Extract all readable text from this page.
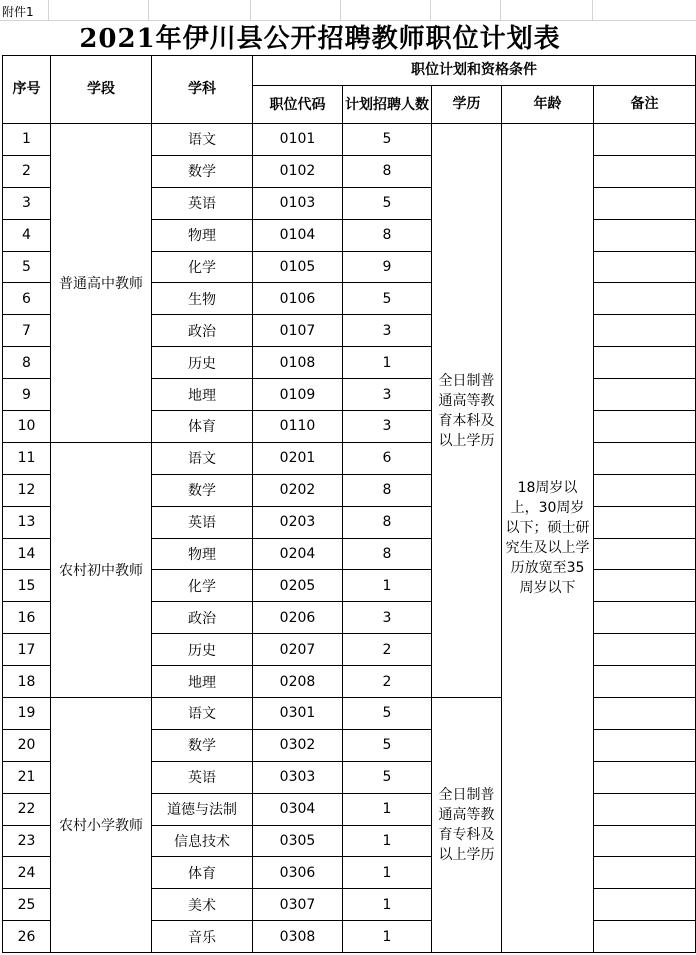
附件1
2021年伊川县公开招聘教师职位计划表
序号	学段	学科	职位计划和资格条件				
			职位代码	计划招聘人数	学历	年龄	备注
1	普通高中教师	语文	0101	5	全日制普通高等教育本科及以上学历	18周岁以上，30周岁以下；硕士研究生及以上学历放宽至35周岁以下	
2		数学	0102	8			
3		英语	0103	5			
4		物理	0104	8			
5		化学	0105	9			
6		生物	0106	5			
7		政治	0107	3			
8		历史	0108	1			
9		地理	0109	3			
10		体育	0110	3			
11	农村初中教师	语文	0201	6			
12		数学	0202	8			
13		英语	0203	8			
14		物理	0204	8			
15		化学	0205	1			
16		政治	0206	3			
17		历史	0207	2			
18		地理	0208	2			
19	农村小学教师	语文	0301	5	全日制普通高等教育专科及以上学历		
20		数学	0302	5			
21		英语	0303	5			
22		道德与法制	0304	1			
23		信息技术	0305	1			
24		体育	0306	1			
25		美术	0307	1			
26		音乐	0308	1			
